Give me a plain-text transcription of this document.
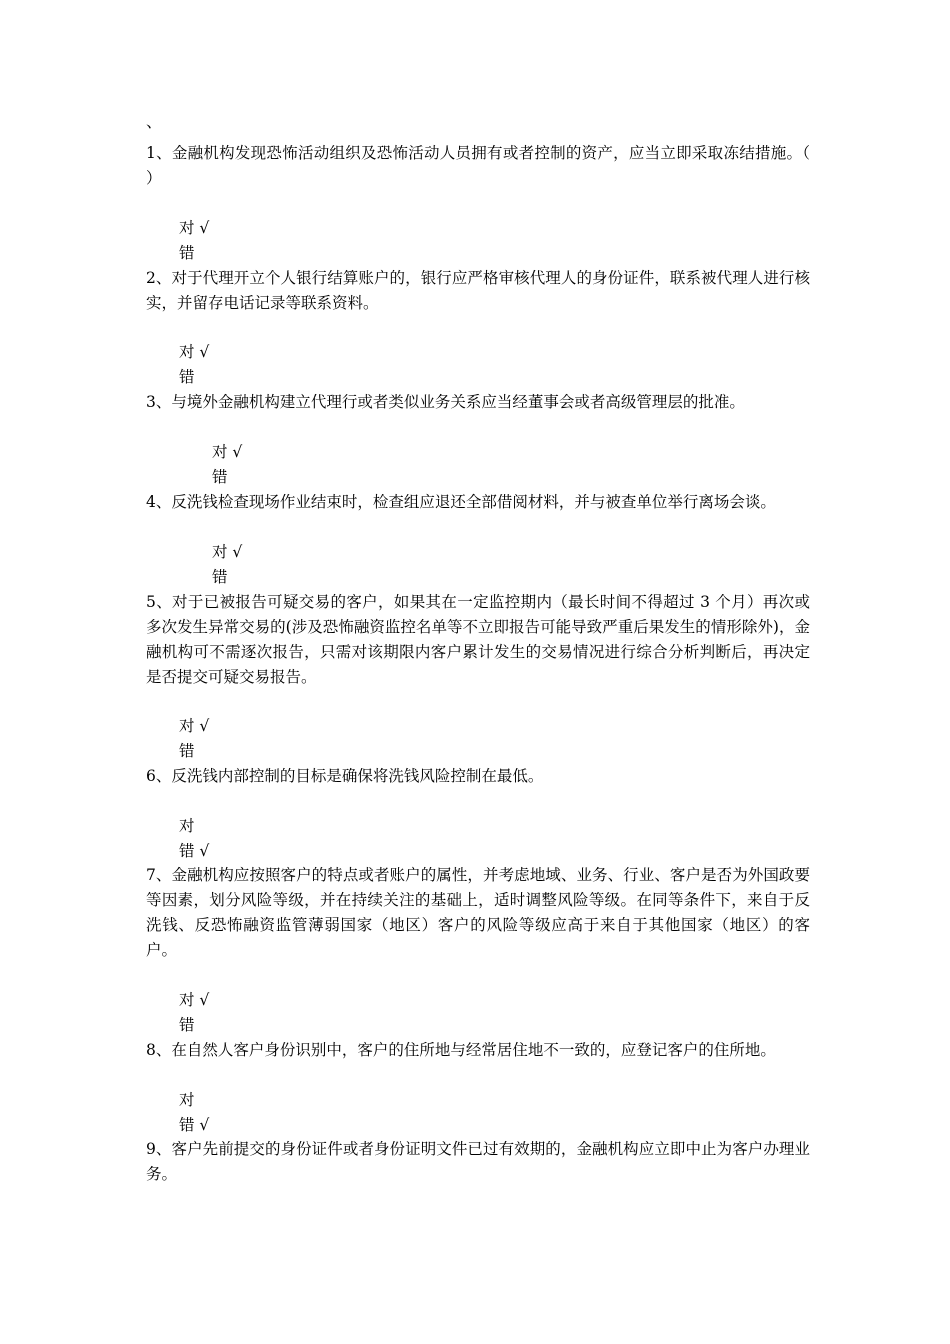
、
1、金融机构发现恐怖活动组织及恐怖活动人员拥有或者控制的资产，应当立即采取冻结措施。（ ）
对 √
错
2、对于代理开立个人银行结算账户的，银行应严格审核代理人的身份证件，联系被代理人进行核实，并留存电话记录等联系资料。
对 √
错
3、与境外金融机构建立代理行或者类似业务关系应当经董事会或者高级管理层的批准。
对 √
错
4、反洗钱检查现场作业结束时，检查组应退还全部借阅材料，并与被查单位举行离场会谈。
对 √
错
5、对于已被报告可疑交易的客户，如果其在一定监控期内（最长时间不得超过 3 个月）再次或多次发生异常交易的(涉及恐怖融资监控名单等不立即报告可能导致严重后果发生的情形除外)，金融机构可不需逐次报告，只需对该期限内客户累计发生的交易情况进行综合分析判断后，再决定是否提交可疑交易报告。
对 √
错
6、反洗钱内部控制的目标是确保将洗钱风险控制在最低。
对
错 √
7、金融机构应按照客户的特点或者账户的属性，并考虑地域、业务、行业、客户是否为外国政要等因素，划分风险等级，并在持续关注的基础上，适时调整风险等级。在同等条件下，来自于反洗钱、反恐怖融资监管薄弱国家（地区）客户的风险等级应高于来自于其他国家（地区）的客户。
对 √
错
8、在自然人客户身份识别中，客户的住所地与经常居住地不一致的，应登记客户的住所地。
对
错 √
9、客户先前提交的身份证件或者身份证明文件已过有效期的，金融机构应立即中止为客户办理业务。
